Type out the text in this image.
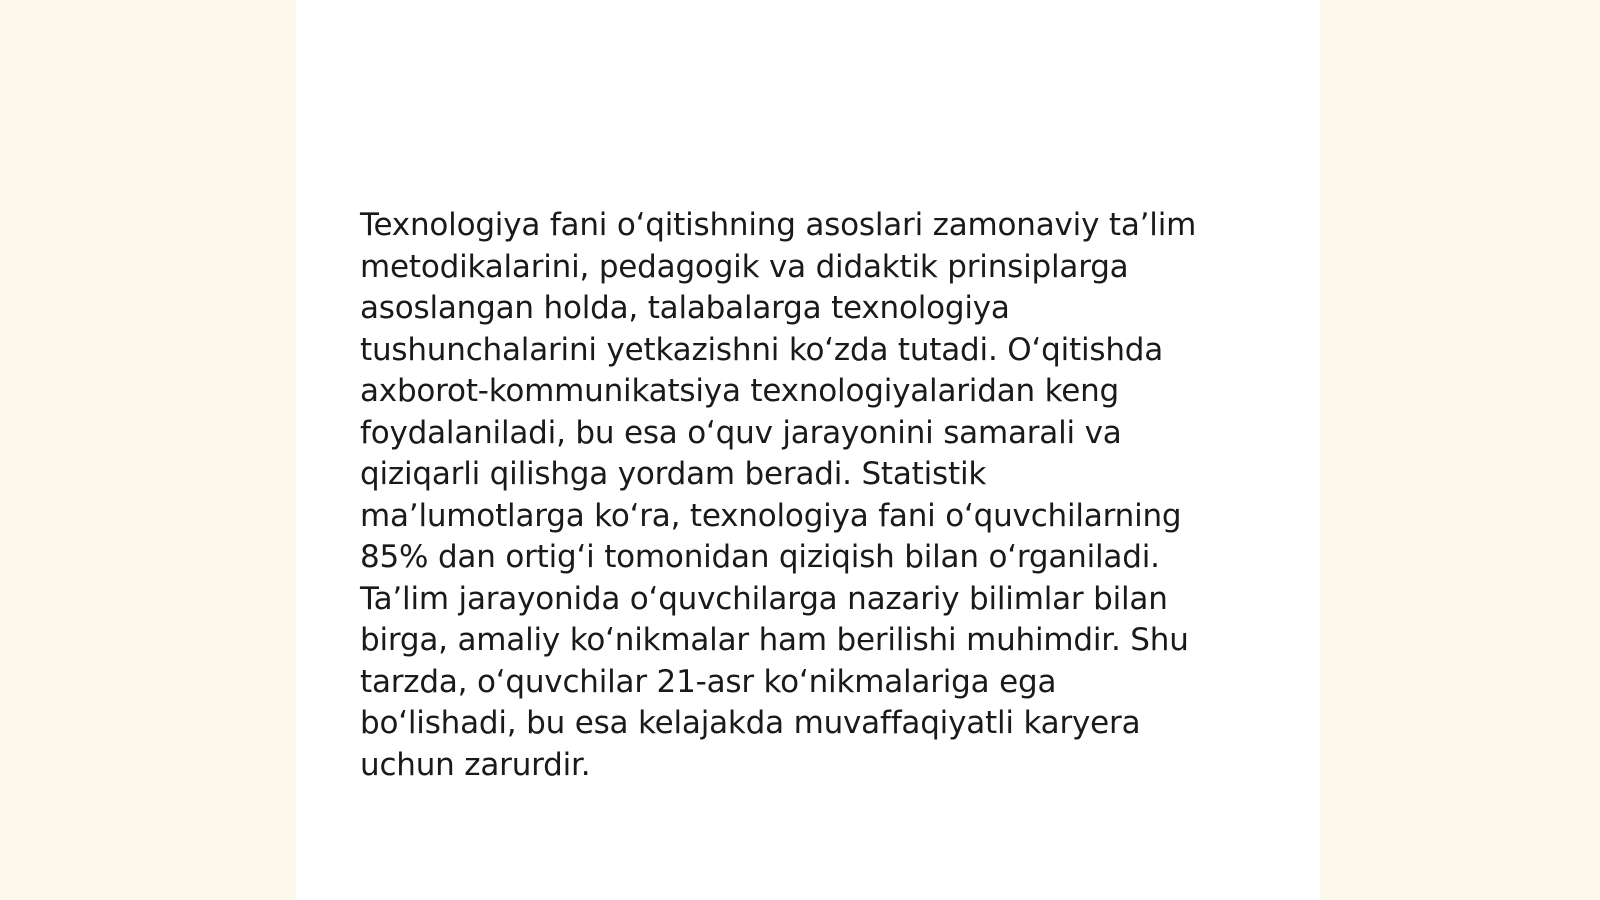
Texnologiya fani oʻqitishning asoslari zamonaviy taʼlim
metodikalarini, pedagogik va didaktik prinsiplarga
asoslangan holda, talabalarga texnologiya
tushunchalarini yetkazishni koʻzda tutadi. Oʻqitishda
axborot-kommunikatsiya texnologiyalaridan keng
foydalaniladi, bu esa oʻquv jarayonini samarali va
qiziqarli qilishga yordam beradi. Statistik
maʼlumotlarga koʻra, texnologiya fani oʻquvchilarning
85% dan ortigʻi tomonidan qiziqish bilan oʻrganiladi.
Taʼlim jarayonida oʻquvchilarga nazariy bilimlar bilan
birga, amaliy koʻnikmalar ham berilishi muhimdir. Shu
tarzda, oʻquvchilar 21-asr koʻnikmalariga ega
boʻlishadi, bu esa kelajakda muvaffaqiyatli karyera
uchun zarurdir.
